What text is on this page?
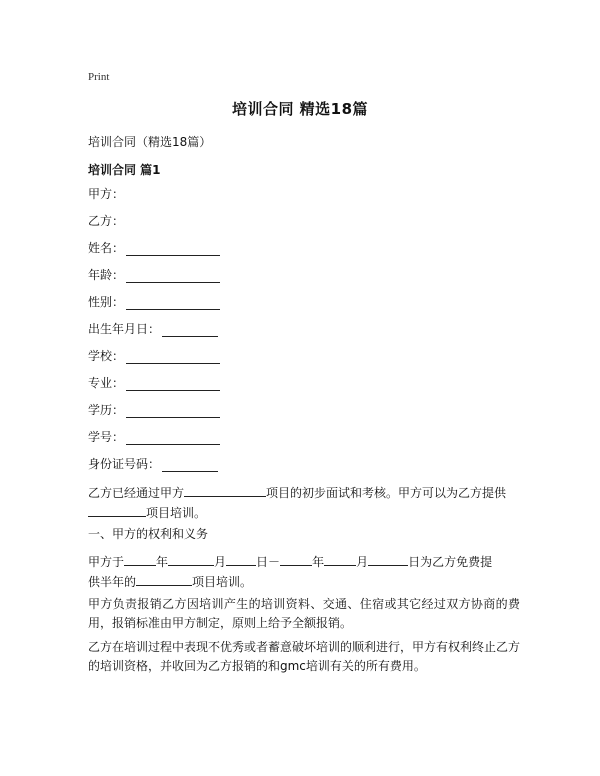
Print
培训合同 精选18篇
培训合同（精选18篇）
培训合同 篇1
甲方：
乙方：
姓名：
年龄：
性别：
出生年月日：
学校：
专业：
学历：
学号：
身份证号码：
乙方已经通过甲方	项目的初步面试和考核。甲方可以为乙方提供
项目培训。
一、甲方的权利和义务
甲方于	年	月	日－	年	月	日为乙方免费提
供半年的	项目培训。
甲方负责报销乙方因培训产生的培训资料、交通、住宿或其它经过双方协商的费用，报销标准由甲方制定，原则上给予全额报销。
乙方在培训过程中表现不优秀或者蓄意破坏培训的顺利进行，甲方有权利终止乙方的培训资格，并收回为乙方报销的和gmc培训有关的所有费用。
